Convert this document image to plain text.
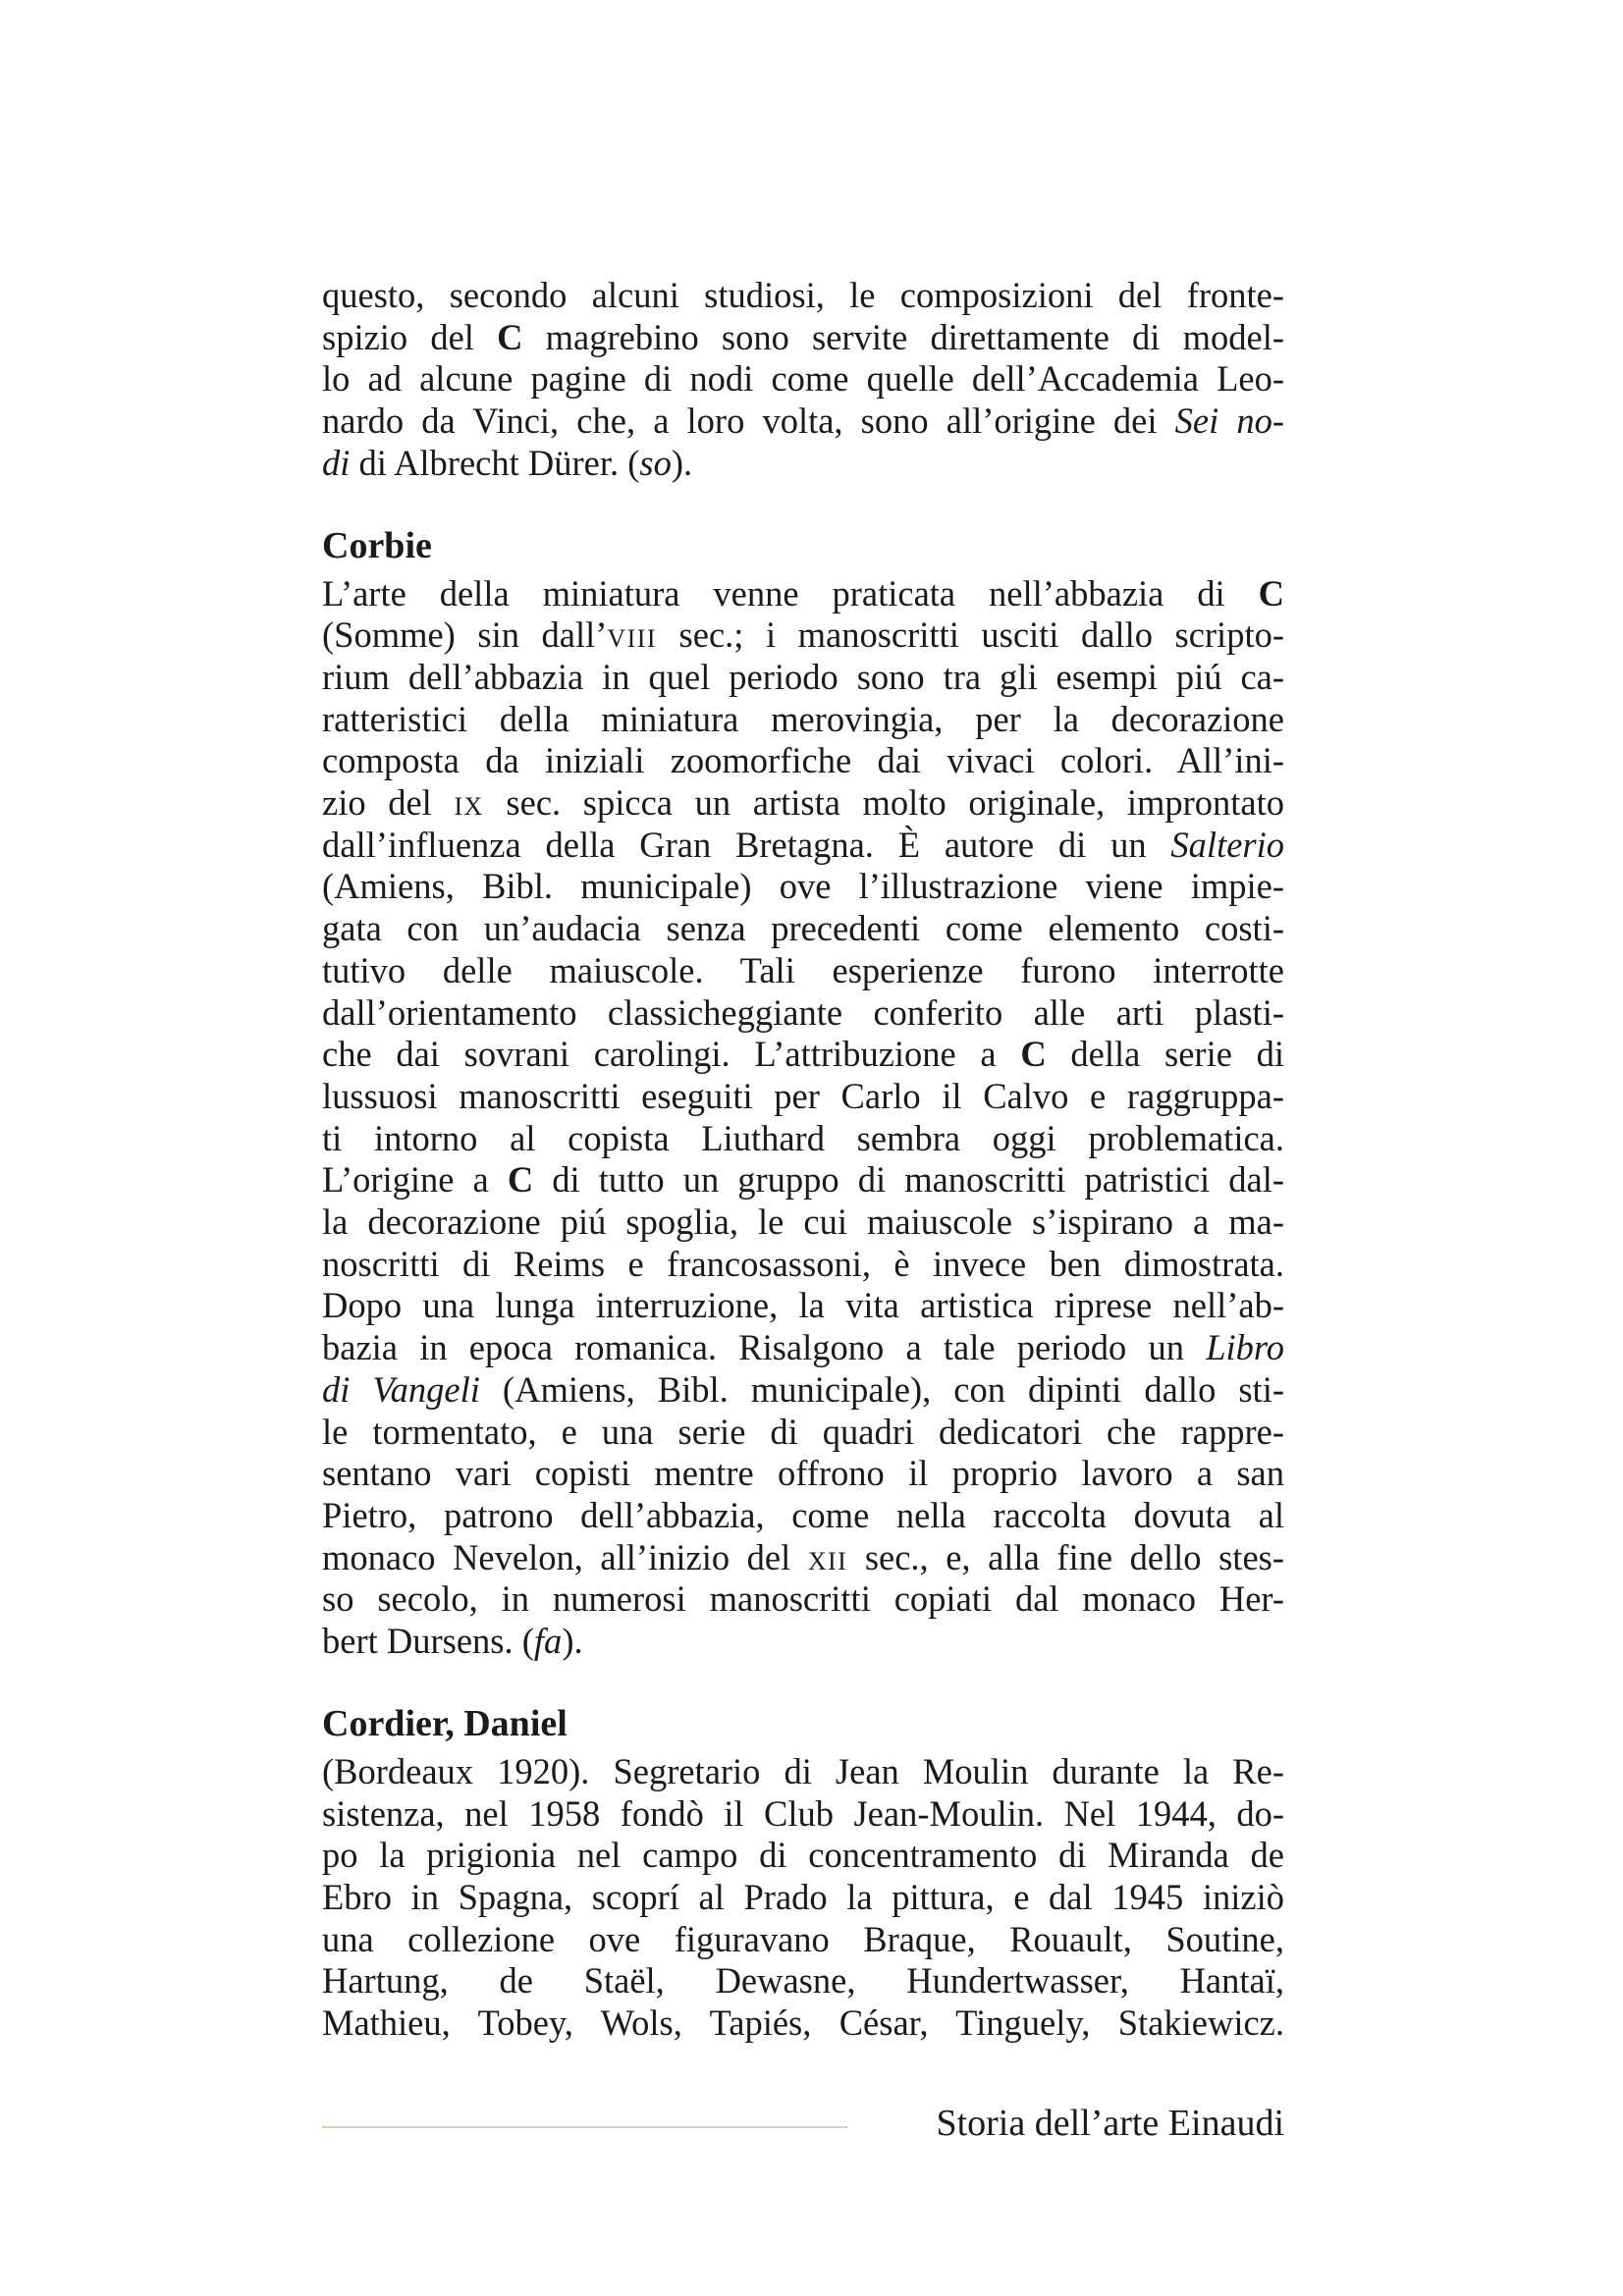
questo, secondo alcuni studiosi, le composizioni del fronte-
spizio del C magrebino sono servite direttamente di model-
lo ad alcune pagine di nodi come quelle dell’Accademia Leo-
nardo da Vinci, che, a loro volta, sono all’origine dei Sei no-
di di Albrecht Dürer. (so).
Corbie
L’arte della miniatura venne praticata nell’abbazia di C
(Somme) sin dall’viii sec.; i manoscritti usciti dallo scripto-
rium dell’abbazia in quel periodo sono tra gli esempi piú ca-
ratteristici della miniatura merovingia, per la decorazione
composta da iniziali zoomorfiche dai vivaci colori. All’ini-
zio del ix sec. spicca un artista molto originale, improntato
dall’influenza della Gran Bretagna. È autore di un Salterio
(Amiens, Bibl. municipale) ove l’illustrazione viene impie-
gata con un’audacia senza precedenti come elemento costi-
tutivo delle maiuscole. Tali esperienze furono interrotte
dall’orientamento classicheggiante conferito alle arti plasti-
che dai sovrani carolingi. L’attribuzione a C della serie di
lussuosi manoscritti eseguiti per Carlo il Calvo e raggruppa-
ti intorno al copista Liuthard sembra oggi problematica.
L’origine a C di tutto un gruppo di manoscritti patristici dal-
la decorazione piú spoglia, le cui maiuscole s’ispirano a ma-
noscritti di Reims e francosassoni, è invece ben dimostrata.
Dopo una lunga interruzione, la vita artistica riprese nell’ab-
bazia in epoca romanica. Risalgono a tale periodo un Libro
di Vangeli (Amiens, Bibl. municipale), con dipinti dallo sti-
le tormentato, e una serie di quadri dedicatori che rappre-
sentano vari copisti mentre offrono il proprio lavoro a san
Pietro, patrono dell’abbazia, come nella raccolta dovuta al
monaco Nevelon, all’inizio del xii sec., e, alla fine dello stes-
so secolo, in numerosi manoscritti copiati dal monaco Her-
bert Dursens. (fa).
Cordier, Daniel
(Bordeaux 1920). Segretario di Jean Moulin durante la Re-
sistenza, nel 1958 fondò il Club Jean-Moulin. Nel 1944, do-
po la prigionia nel campo di concentramento di Miranda de
Ebro in Spagna, scoprí al Prado la pittura, e dal 1945 iniziò
una collezione ove figuravano Braque, Rouault, Soutine,
Hartung, de Staël, Dewasne, Hundertwasser, Hantaï,
Mathieu, Tobey, Wols, Tapiés, César, Tinguely, Stakiewicz.
Storia dell’arte Einaudi
